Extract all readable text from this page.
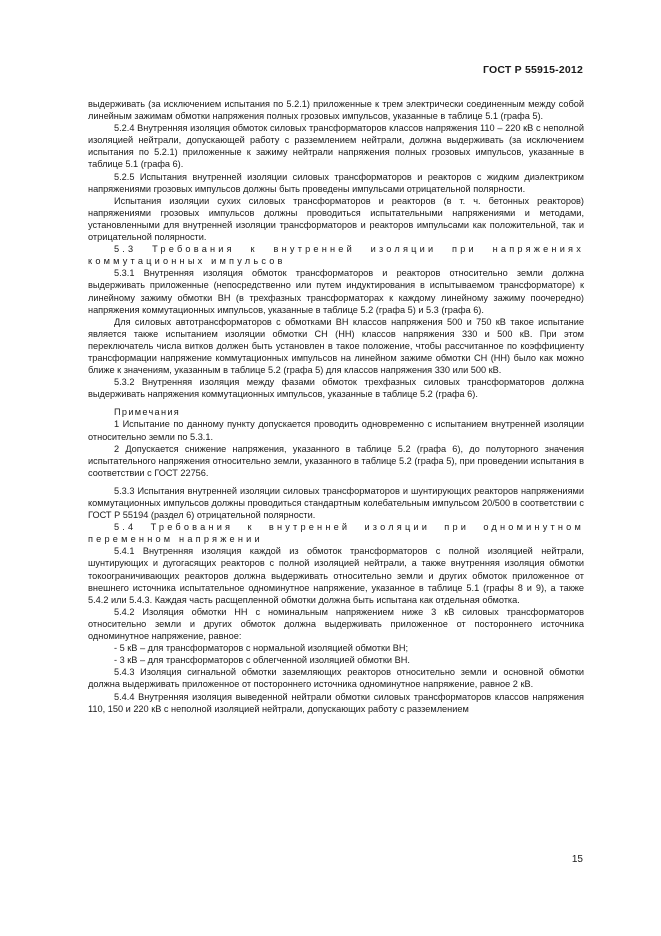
ГОСТ Р 55915-2012

выдерживать (за исключением испытания по 5.2.1) приложенные к трем электрически соединенным между собой линейным зажимам обмотки напряжения полных грозовых импульсов, указанные в таблице 5.1 (графа 5).

5.2.4 Внутренняя изоляция обмоток силовых трансформаторов классов напряжения 110 – 220 кВ с неполной изоляцией нейтрали, допускающей работу с разземлением нейтрали, должна выдерживать (за исключением испытания по 5.2.1) приложенные к зажиму нейтрали напряжения полных грозовых импульсов, указанные в таблице 5.1 (графа 6).

5.2.5 Испытания внутренней изоляции силовых трансформаторов и реакторов с жидким диэлектриком напряжениями грозовых импульсов должны быть проведены импульсами отрицательной полярности.

Испытания изоляции сухих силовых трансформаторов и реакторов (в т. ч. бетонных реакторов) напряжениями грозовых импульсов должны проводиться испытательными напряжениями и методами, установленными для внутренней изоляции трансформаторов и реакторов импульсами как положительной, так и отрицательной полярности.

5.3 Требования к внутренней изоляции при напряжениях коммутационных импульсов

5.3.1 Внутренняя изоляция обмоток трансформаторов и реакторов относительно земли должна выдерживать приложенные (непосредственно или путем индуктирования в испытываемом трансформаторе) к линейному зажиму обмотки ВН (в трехфазных трансформаторах к каждому линейному зажиму поочередно) напряжения коммутационных импульсов, указанные в таблице 5.2 (графа 5) и 5.3 (графа 6).

Для силовых автотрансформаторов с обмотками ВН классов напряжения 500 и 750 кВ такое испытание является также испытанием изоляции обмотки СН (НН) классов напряжения 330 и 500 кВ. При этом переключатель числа витков должен быть установлен в такое положение, чтобы рассчитанное по коэффициенту трансформации напряжение коммутационных импульсов на линейном зажиме обмотки СН (НН) было как можно ближе к значениям, указанным в таблице 5.2 (графа 5) для классов напряжения 330 или 500 кВ.

5.3.2 Внутренняя изоляция между фазами обмоток трехфазных силовых трансформаторов должна выдерживать напряжения коммутационных импульсов, указанные в таблице 5.2 (графа 6).

Примечания

1 Испытание по данному пункту допускается проводить одновременно с испытанием внутренней изоляции относительно земли по 5.3.1.

2 Допускается снижение напряжения, указанного в таблице 5.2 (графа 6), до полуторного значения испытательного напряжения относительно земли, указанного в таблице 5.2 (графа 5), при проведении испытания в соответствии с ГОСТ 22756.

5.3.3 Испытания внутренней изоляции силовых трансформаторов и шунтирующих реакторов напряжениями коммутационных импульсов должны проводиться стандартным колебательным импульсом 20/500 в соответствии с ГОСТ Р 55194 (раздел 6) отрицательной полярности.

5.4 Требования к внутренней изоляции при одноминутном переменном напряжении

5.4.1 Внутренняя изоляция каждой из обмоток трансформаторов с полной изоляцией нейтрали, шунтирующих и дугогасящих реакторов с полной изоляцией нейтрали, а также внутренняя изоляция обмотки токоограничивающих реакторов должна выдерживать относительно земли и других обмоток приложенное от внешнего источника испытательное одноминутное напряжение, указанное в таблице 5.1 (графы 8 и 9), а также 5.4.2 или 5.4.3. Каждая часть расщепленной обмотки должна быть испытана как отдельная обмотка.

5.4.2 Изоляция обмотки НН с номинальным напряжением ниже 3 кВ силовых трансформаторов относительно земли и других обмоток должна выдерживать приложенное от постороннего источника одноминутное напряжение, равное:

- 5 кВ – для трансформаторов с нормальной изоляцией обмотки ВН;

- 3 кВ – для трансформаторов с облегченной изоляцией обмотки ВН.

5.4.3 Изоляция сигнальной обмотки заземляющих реакторов относительно земли и основной обмотки должна выдерживать приложенное от постороннего источника одноминутное напряжение, равное 2 кВ.

5.4.4 Внутренняя изоляция выведенной нейтрали обмотки силовых трансформаторов классов напряжения 110, 150 и 220 кВ с неполной изоляцией нейтрали, допускающих работу с разземлением

15
